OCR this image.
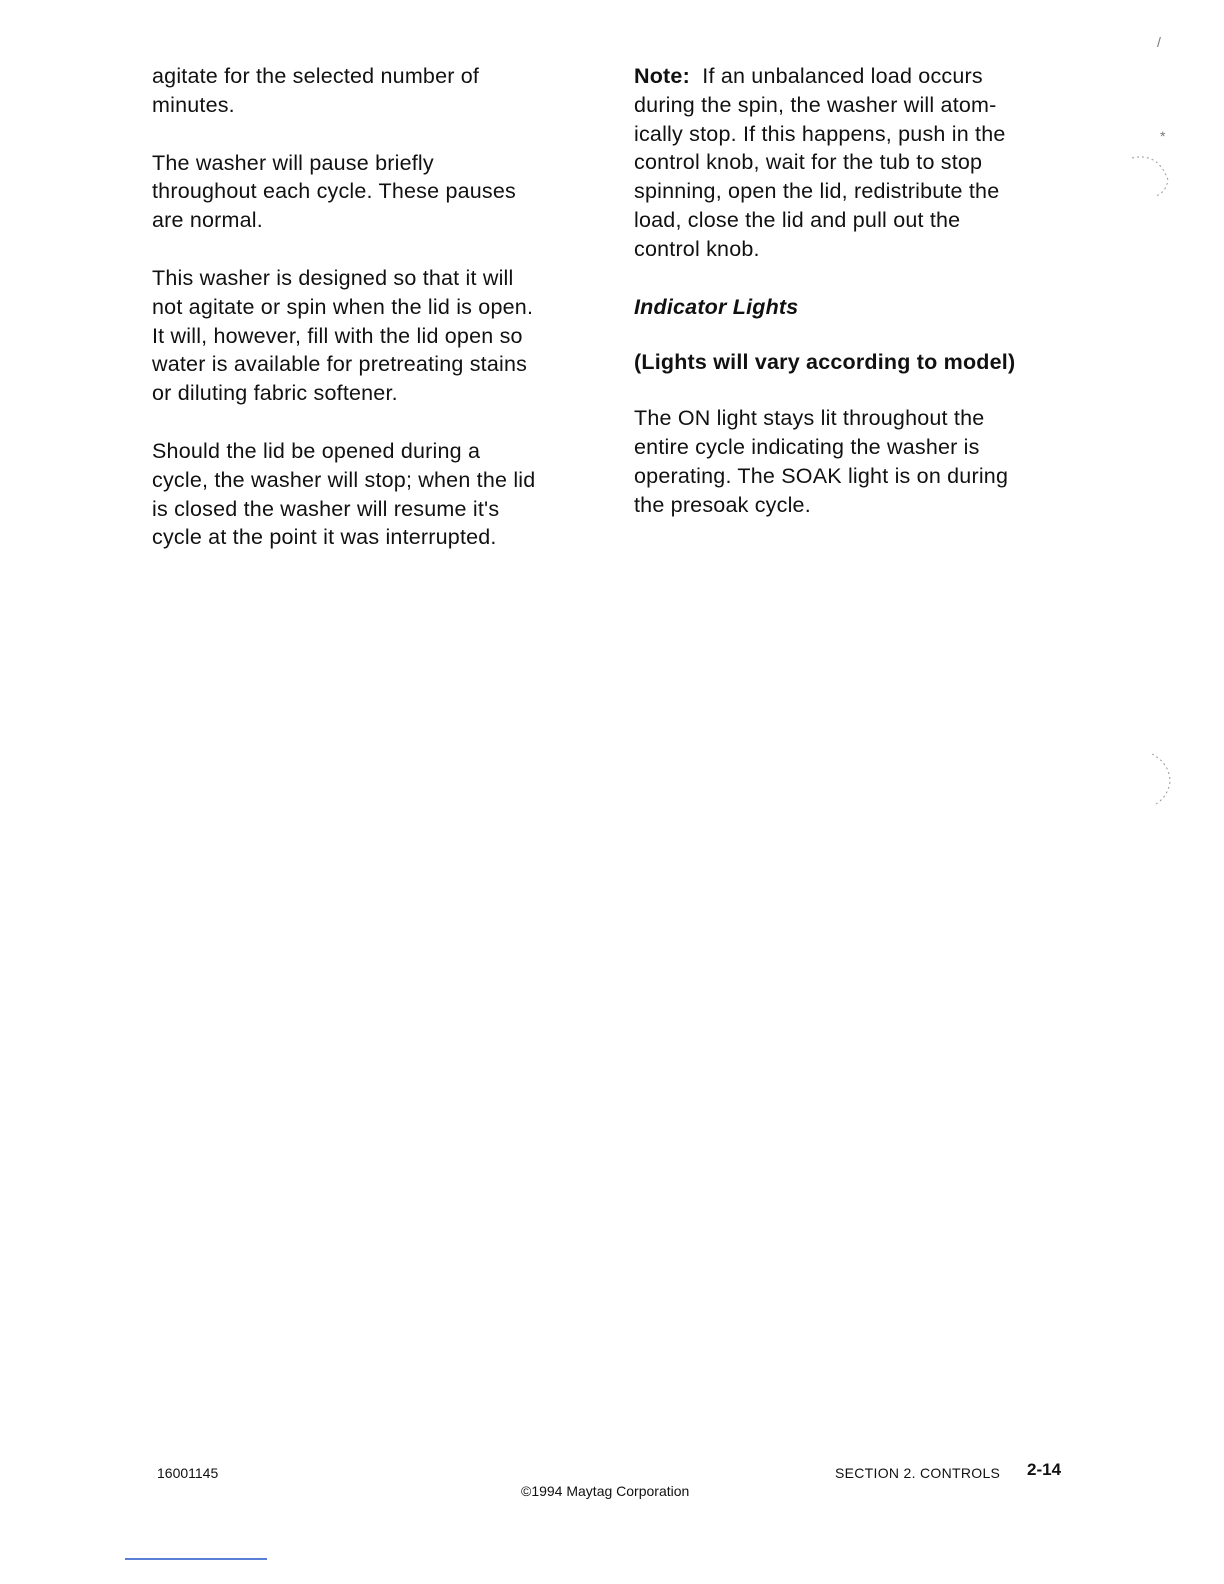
agitate for the selected number of
minutes.

The washer will pause briefly
throughout each cycle. These pauses
are normal.

This washer is designed so that it will
not agitate or spin when the lid is open.
It will, however, fill with the lid open so
water is available for pretreating stains
or diluting fabric softener.

Should the lid be opened during a
cycle, the washer will stop; when the lid
is closed the washer will resume it's
cycle at the point it was interrupted.

Note: If an unbalanced load occurs
during the spin, the washer will atom-
ically stop. If this happens, push in the
control knob, wait for the tub to stop
spinning, open the lid, redistribute the
load, close the lid and pull out the
control knob.

Indicator Lights

(Lights will vary according to model)

The ON light stays lit throughout the
entire cycle indicating the washer is
operating. The SOAK light is on during
the presoak cycle.

16001145
©1994 Maytag Corporation
SECTION 2. CONTROLS 2-14
/
*
